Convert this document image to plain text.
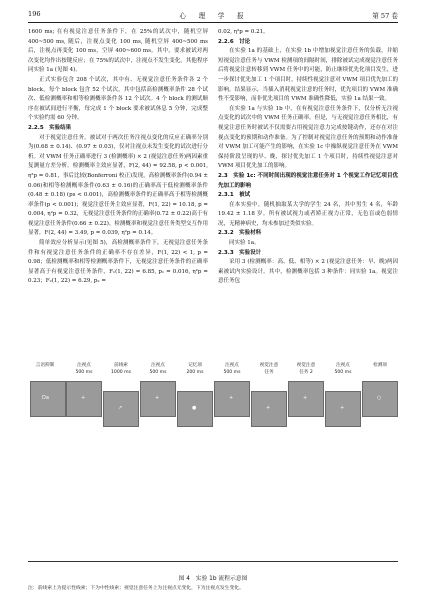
196	心　理　学　报	第 57 卷

1600 ms; 在有视觉注意任务条件下，在 25%的试次中，随机空屏 400~500 ms, 随后，注视点变化 100 ms, 随机空屏 400~500 ms 后，注视点再变化 100 ms，空屏 400~600 ms。其中，要求被试对两次变化均作出按键反应；在 75%的试次中，注视点不发生变化。其他程序同实验 1a (见图 4)。

正式实验包含 208 个试次，其中有、无视觉注意任务条件各 2 个 block，每个 block 包含 52 个试次，其中包括高检测概率条件 28 个试次、低检测概率和相等检测概率条件各 12 个试次。4 个 block 的测试顺序在被试间进行平衡，每完成 1 个 block 要求被试休息 5 分钟，完成整个实验约需 60 分钟。

2.2.5　实验结果

对于视觉注意任务，被试对于两次任务注视点变化的反应正确率分别为(0.68 ± 0.14)、(0.97 ± 0.03)，仅对注视点未发生变化的试次进行分析。对 VWM 任务正确率进行 3 (检测概率) × 2 (视觉注意任务)两因素重复测量方差分析。检测概率主效应显著，F(2, 44) = 92.58, p < 0.001, η²p = 0.81，事后比较(Bonferroni 校正)发现，高检测概率条件(0.94 ± 0.06)和相等检测概率条件(0.63 ± 0.16)的正确率高于低检测概率条件(0.48 ± 0.18) (ps < 0.001)，高检测概率条件的正确率高于相等检测概率条件(p < 0.001)；视觉注意任务主效应显著，F(1, 22) = 10.18, p = 0.004, η²p = 0.32，无视觉注意任务条件的正确率(0.72 ± 0.22)高于有视觉注意任务条件(0.66 ± 0.22)。检测概率和视觉注意任务类型交互作用显著，F(2, 44) = 3.49, p = 0.039, η²p = 0.14。

简单效应分析显示(见图 5)，高检测概率条件下，无视觉注意任务条件和有视觉注意任务条件的正确率不存在差异，F(1, 22) < 1, p = 0.98；低检测概率和相等检测概率条件下，无视觉注意任务条件的正确率显著高于有视觉注意任务条件，F₁(1, 22) = 6.85, p₁ = 0.016, η²p = 0.23；F₂(1, 22) = 6.29, p₂ =

0.02, η²p = 0.21。

2.2.6　讨论

在实验 1a 的基础上，在实验 1b 中增加视觉注意任务的负载，并缩短视觉注意任务与 VWM 检测项的间隔时间，排除被试完成视觉注意任务后将视觉注意转移到 VWM 任务中的可能，防止继续优先化项目发生，进一步探讨优先加工 1 个项目时，持续性视觉注意对 VWM 项目优先加工的影响。结果显示，当插入消耗视觉注意的任务时，优先项目的 VWM 准确性不受影响，而非优先项目的 VWM 准确性降低，实验 1a 结果一致。

在实验 1a 与实验 1b 中，在有视觉注意任务条件下，仅分析无注视点变化的试次中的 VWM 任务正确率。但是，与无视觉注意任务相比，有视觉注意任务时被试不仅需要占用视觉注意力完成按键动作，还存在对注视点变化的预期和动作准备。为了控制对视觉注意任务的预期和动作准备对 VWM 加工可能产生的影响，在实验 1c 中操纵视觉注意任务在 VWM 保持阶段呈现的早、晚，探讨优先加工 1 个项目时，持续性视觉注意对 VWM 项目优先加工的影响。

2.3　实验 1c: 不同时间出现的视觉注意任务对 1 个视觉工作记忆项目优先加工的影响

2.3.1　被试

在本实验中，随机抽取某大学的学生 24 名，其中男生 4 名，年龄 19.42 ± 1.18 岁。所有被试视力或者矫正视力正常，无色盲或色弱情况，无精神病史，均未参加过类似实验。

2.3.2　实验材料

同实验 1a。

2.3.3　实验设计

采用 3 (检测概率：高、低、相等) × 2 (视觉注意任务：早、晚)两因素被试内实验设计。其中，检测概率包括 3 种条件：同实验 1a。视觉注意任务包

言语抑制
Da
注视点
500 ms
+
前线索
1000 ms
↗
注视点
500 ms
+
记忆项
200 ms
●
注视点
500 ms
+
视觉注意
任务
+
视觉注意
任务 2
+
注视点
500 ms
+
检测项
○
图 4　实验 1b 流程示意图
注：前线索上为提示性线索；下为中性线索；视觉注意任务上为注视点无变化，下为注视点发生变化。
